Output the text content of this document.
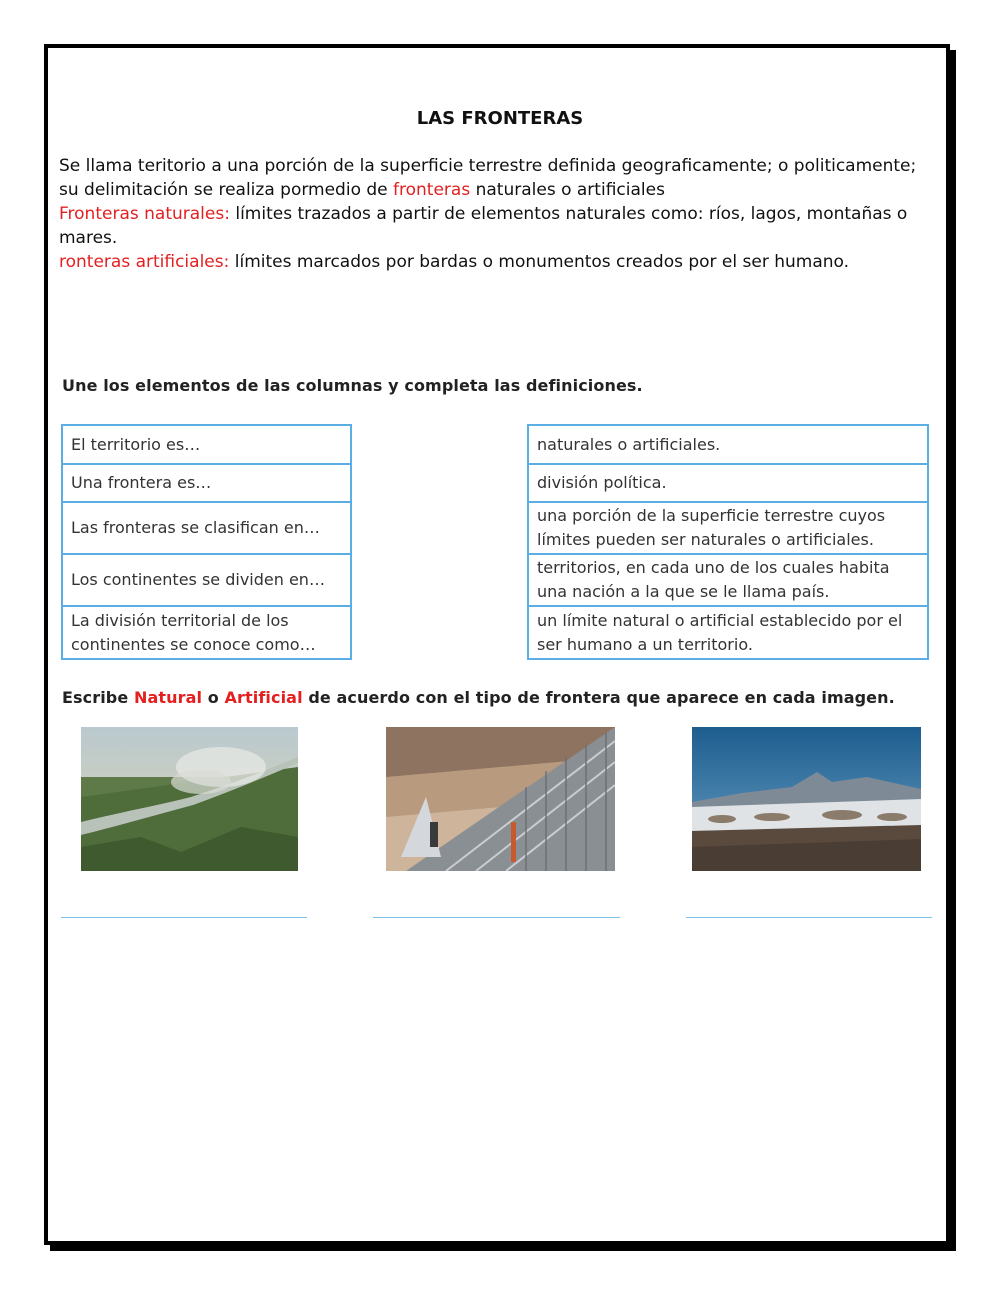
LAS FRONTERAS
Se llama teritorio a una porción de la superficie terrestre definida geograficamente; o politicamente; su delimitación se realiza pormedio de fronteras naturales o artificiales
Fronteras naturales: límites trazados a partir de elementos naturales como: ríos, lagos, montañas o mares.
ronteras artificiales: límites marcados por bardas o monumentos creados por el ser humano.
Une los elementos de las columnas y completa las definiciones.
El territorio es…
Una frontera es…
Las fronteras se clasifican en…
Los continentes se dividen en…
La división territorial de los continentes se conoce como…
naturales o artificiales.
división política.
una porción de la superficie terrestre cuyos límites pueden ser naturales o artificiales.
territorios, en cada uno de los cuales habita una nación a la que se le llama país.
un límite natural o artificial establecido por el ser humano a un territorio.
Escribe Natural o Artificial de acuerdo con el tipo de frontera que aparece en cada imagen.
